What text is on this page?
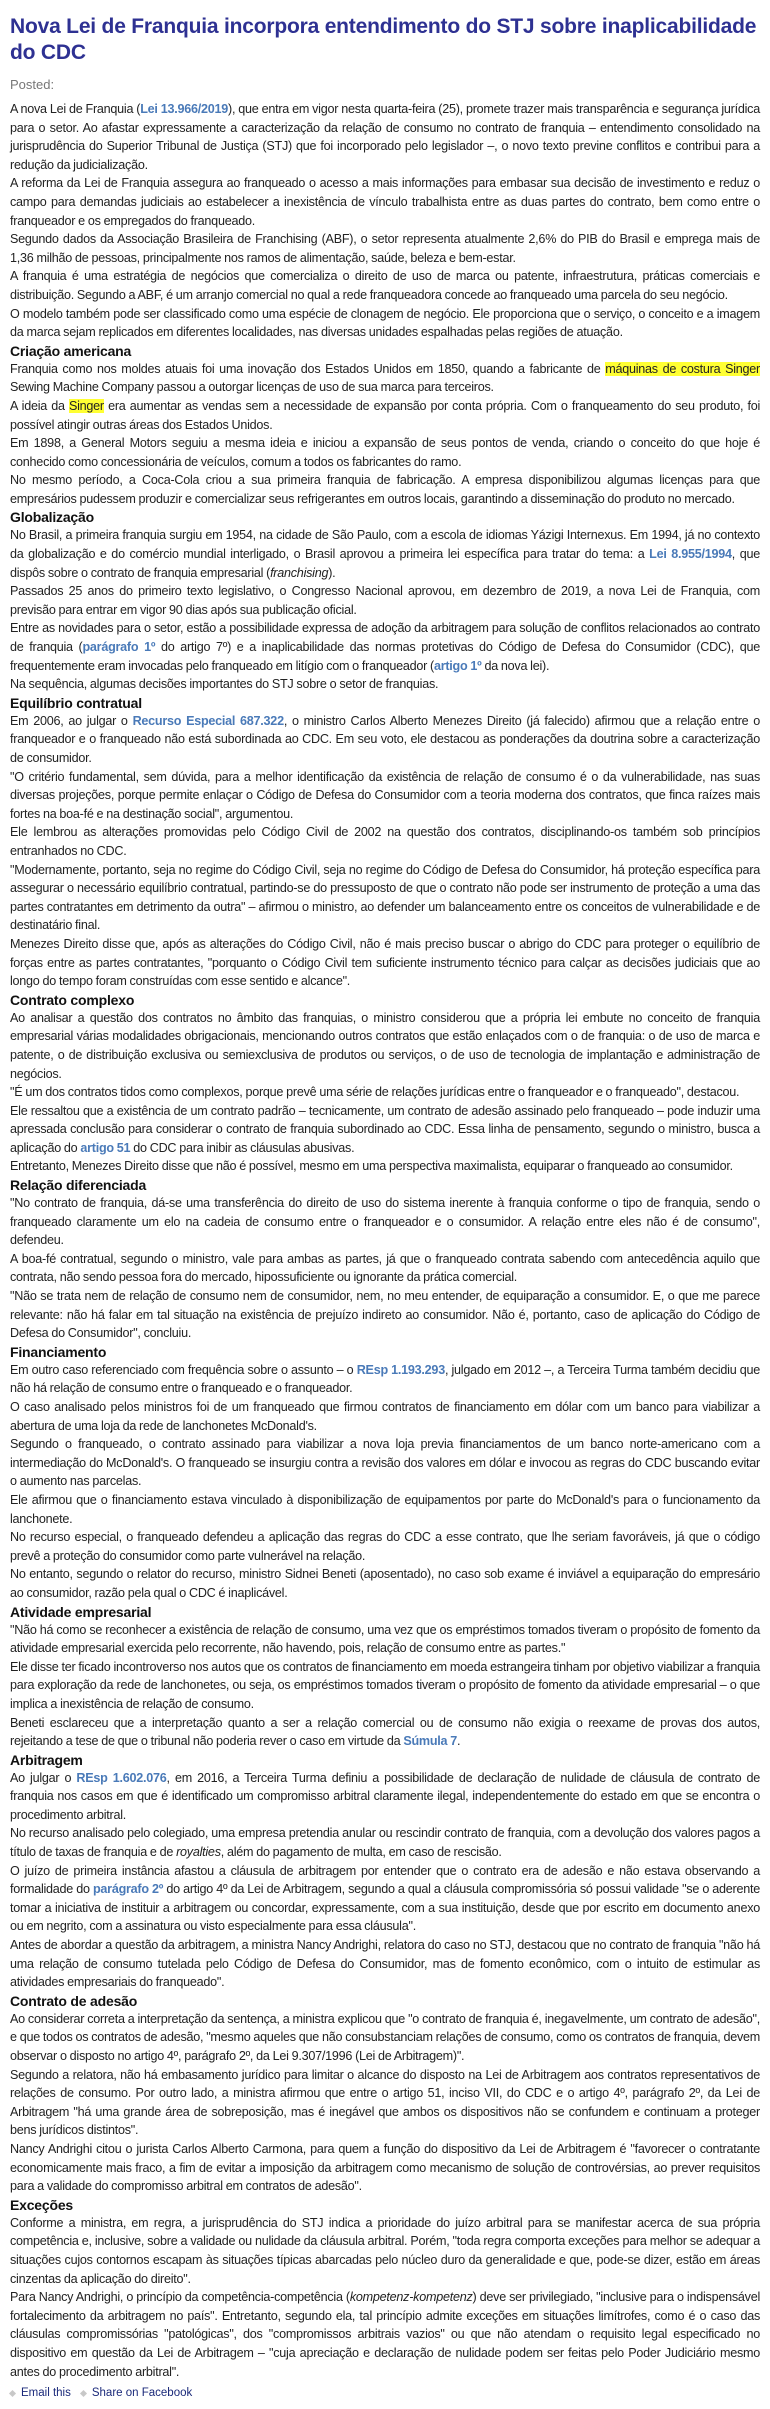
Nova Lei de Franquia incorpora entendimento do STJ sobre inaplicabilidade do CDC
Posted:

A nova Lei de Franquia (Lei 13.966/2019), que entra em vigor nesta quarta-feira (25), promete trazer mais transparência e segurança jurídica para o setor. Ao afastar expressamente a caracterização da relação de consumo no contrato de franquia – entendimento consolidado na jurisprudência do Superior Tribunal de Justiça (STJ) que foi incorporado pelo legislador –, o novo texto previne conflitos e contribui para a redução da judicialização.

A reforma da Lei de Franquia assegura ao franqueado o acesso a mais informações para embasar sua decisão de investimento e reduz o campo para demandas judiciais ao estabelecer a inexistência de vínculo trabalhista entre as duas partes do contrato, bem como entre o franqueador e os empregados do franqueado.

Segundo dados da Associação Brasileira de Franchising (ABF), o setor representa atualmente 2,6% do PIB do Brasil e emprega mais de 1,36 milhão de pessoas, principalmente nos ramos de alimentação, saúde, beleza e bem-estar.

A franquia é uma estratégia de negócios que comercializa o direito de uso de marca ou patente, infraestrutura, práticas comerciais e distribuição. Segundo a ABF, é um arranjo comercial no qual a rede franqueadora concede ao franqueado uma parcela do seu negócio.

O modelo também pode ser classificado como uma espécie de clonagem de negócio. Ele proporciona que o serviço, o conceito e a imagem da marca sejam replicados em diferentes localidades, nas diversas unidades espalhadas pelas regiões de atuação.

Criação americana

Franquia como nos moldes atuais foi uma inovação dos Estados Unidos em 1850, quando a fabricante de máquinas de costura Singer Sewing Machine Company passou a outorgar licenças de uso de sua marca para terceiros.

A ideia da Singer era aumentar as vendas sem a necessidade de expansão por conta própria. Com o franqueamento do seu produto, foi possível atingir outras áreas dos Estados Unidos.

Em 1898, a General Motors seguiu a mesma ideia e iniciou a expansão de seus pontos de venda, criando o conceito do que hoje é conhecido como concessionária de veículos, comum a todos os fabricantes do ramo.

No mesmo período, a Coca-Cola criou a sua primeira franquia de fabricação. A empresa disponibilizou algumas licenças para que empresários pudessem produzir e comercializar seus refrigerantes em outros locais, garantindo a disseminação do produto no mercado.

Globalização

No Brasil, a primeira franquia surgiu em 1954, na cidade de São Paulo, com a escola de idiomas Yázigi Internexus. Em 1994, já no contexto da globalização e do comércio mundial interligado, o Brasil aprovou a primeira lei específica para tratar do tema: a Lei 8.955/1994, que dispôs sobre o contrato de franquia empresarial (franchising).

Passados 25 anos do primeiro texto legislativo, o Congresso Nacional aprovou, em dezembro de 2019, a nova Lei de Franquia, com previsão para entrar em vigor 90 dias após sua publicação oficial.

Entre as novidades para o setor, estão a possibilidade expressa de adoção da arbitragem para solução de conflitos relacionados ao contrato de franquia (parágrafo 1º do artigo 7º) e a inaplicabilidade das normas protetivas do Código de Defesa do Consumidor (CDC), que frequentemente eram invocadas pelo franqueado em litígio com o franqueador (artigo 1º da nova lei).

Na sequência, algumas decisões importantes do STJ sobre o setor de franquias.

Equilíbrio contratual

Em 2006, ao julgar o Recurso Especial 687.322, o ministro Carlos Alberto Menezes Direito (já falecido) afirmou que a relação entre o franqueador e o franqueado não está subordinada ao CDC. Em seu voto, ele destacou as ponderações da doutrina sobre a caracterização de consumidor.

"O critério fundamental, sem dúvida, para a melhor identificação da existência de relação de consumo é o da vulnerabilidade, nas suas diversas projeções, porque permite enlaçar o Código de Defesa do Consumidor com a teoria moderna dos contratos, que finca raízes mais fortes na boa-fé e na destinação social", argumentou.

Ele lembrou as alterações promovidas pelo Código Civil de 2002 na questão dos contratos, disciplinando-os também sob princípios entranhados no CDC.

"Modernamente, portanto, seja no regime do Código Civil, seja no regime do Código de Defesa do Consumidor, há proteção específica para assegurar o necessário equilíbrio contratual, partindo-se do pressuposto de que o contrato não pode ser instrumento de proteção a uma das partes contratantes em detrimento da outra" – afirmou o ministro, ao defender um balanceamento entre os conceitos de vulnerabilidade e de destinatário final.

Menezes Direito disse que, após as alterações do Código Civil, não é mais preciso buscar o abrigo do CDC para proteger o equilíbrio de forças entre as partes contratantes, "porquanto o Código Civil tem suficiente instrumento técnico para calçar as decisões judiciais que ao longo do tempo foram construídas com esse sentido e alcance".

Contrato complexo

Ao analisar a questão dos contratos no âmbito das franquias, o ministro considerou que a própria lei embute no conceito de franquia empresarial várias modalidades obrigacionais, mencionando outros contratos que estão enlaçados com o de franquia: o de uso de marca e patente, o de distribuição exclusiva ou semiexclusiva de produtos ou serviços, o de uso de tecnologia de implantação e administração de negócios.

"É um dos contratos tidos como complexos, porque prevê uma série de relações jurídicas entre o franqueador e o franqueado", destacou.

Ele ressaltou que a existência de um contrato padrão – tecnicamente, um contrato de adesão assinado pelo franqueado – pode induzir uma apressada conclusão para considerar o contrato de franquia subordinado ao CDC. Essa linha de pensamento, segundo o ministro, busca a aplicação do artigo 51 do CDC para inibir as cláusulas abusivas.

Entretanto, Menezes Direito disse que não é possível, mesmo em uma perspectiva maximalista, equiparar o franqueado ao consumidor.

Relação diferenciada

"No contrato de franquia, dá-se uma transferência do direito de uso do sistema inerente à franquia conforme o tipo de franquia, sendo o franqueado claramente um elo na cadeia de consumo entre o franqueador e o consumidor. A relação entre eles não é de consumo", defendeu.

A boa-fé contratual, segundo o ministro, vale para ambas as partes, já que o franqueado contrata sabendo com antecedência aquilo que contrata, não sendo pessoa fora do mercado, hipossuficiente ou ignorante da prática comercial.

"Não se trata nem de relação de consumo nem de consumidor, nem, no meu entender, de equiparação a consumidor. E, o que me parece relevante: não há falar em tal situação na existência de prejuízo indireto ao consumidor. Não é, portanto, caso de aplicação do Código de Defesa do Consumidor", concluiu.

Financiamento

Em outro caso referenciado com frequência sobre o assunto – o REsp 1.193.293, julgado em 2012 –, a Terceira Turma também decidiu que não há relação de consumo entre o franqueado e o franqueador.

O caso analisado pelos ministros foi de um franqueado que firmou contratos de financiamento em dólar com um banco para viabilizar a abertura de uma loja da rede de lanchonetes McDonald's.

Segundo o franqueado, o contrato assinado para viabilizar a nova loja previa financiamentos de um banco norte-americano com a intermediação do McDonald's. O franqueado se insurgiu contra a revisão dos valores em dólar e invocou as regras do CDC buscando evitar o aumento nas parcelas.

Ele afirmou que o financiamento estava vinculado à disponibilização de equipamentos por parte do McDonald's para o funcionamento da lanchonete.

No recurso especial, o franqueado defendeu a aplicação das regras do CDC a esse contrato, que lhe seriam favoráveis, já que o código prevê a proteção do consumidor como parte vulnerável na relação.

No entanto, segundo o relator do recurso, ministro Sidnei Beneti (aposentado), no caso sob exame é inviável a equiparação do empresário ao consumidor, razão pela qual o CDC é inaplicável.

Atividade empresarial

"Não há como se reconhecer a existência de relação de consumo, uma vez que os empréstimos tomados tiveram o propósito de fomento da atividade empresarial exercida pelo recorrente, não havendo, pois, relação de consumo entre as partes."

Ele disse ter ficado incontroverso nos autos que os contratos de financiamento em moeda estrangeira tinham por objetivo viabilizar a franquia para exploração da rede de lanchonetes, ou seja, os empréstimos tomados tiveram o propósito de fomento da atividade empresarial – o que implica a inexistência de relação de consumo.

Beneti esclareceu que a interpretação quanto a ser a relação comercial ou de consumo não exigia o reexame de provas dos autos, rejeitando a tese de que o tribunal não poderia rever o caso em virtude da Súmula 7.

Arbitragem

Ao julgar o REsp 1.602.076, em 2016, a Terceira Turma definiu a possibilidade de declaração de nulidade de cláusula de contrato de franquia nos casos em que é identificado um compromisso arbitral claramente ilegal, independentemente do estado em que se encontra o procedimento arbitral.

No recurso analisado pelo colegiado, uma empresa pretendia anular ou rescindir contrato de franquia, com a devolução dos valores pagos a título de taxas de franquia e de royalties, além do pagamento de multa, em caso de rescisão.

O juízo de primeira instância afastou a cláusula de arbitragem por entender que o contrato era de adesão e não estava observando a formalidade do parágrafo 2º do artigo 4º da Lei de Arbitragem, segundo a qual a cláusula compromissória só possui validade "se o aderente tomar a iniciativa de instituir a arbitragem ou concordar, expressamente, com a sua instituição, desde que por escrito em documento anexo ou em negrito, com a assinatura ou visto especialmente para essa cláusula".

Antes de abordar a questão da arbitragem, a ministra Nancy Andrighi, relatora do caso no STJ, destacou que no contrato de franquia "não há uma relação de consumo tutelada pelo Código de Defesa do Consumidor, mas de fomento econômico, com o intuito de estimular as atividades empresariais do franqueado".

Contrato de adesão

Ao considerar correta a interpretação da sentença, a ministra explicou que "o contrato de franquia é, inegavelmente, um contrato de adesão", e que todos os contratos de adesão, "mesmo aqueles que não consubstanciam relações de consumo, como os contratos de franquia, devem observar o disposto no artigo 4º, parágrafo 2º, da Lei 9.307/1996 (Lei de Arbitragem)".

Segundo a relatora, não há embasamento jurídico para limitar o alcance do disposto na Lei de Arbitragem aos contratos representativos de relações de consumo. Por outro lado, a ministra afirmou que entre o artigo 51, inciso VII, do CDC e o artigo 4º, parágrafo 2º, da Lei de Arbitragem "há uma grande área de sobreposição, mas é inegável que ambos os dispositivos não se confundem e continuam a proteger bens jurídicos distintos".

Nancy Andrighi citou o jurista Carlos Alberto Carmona, para quem a função do dispositivo da Lei de Arbitragem é "favorecer o contratante economicamente mais fraco, a fim de evitar a imposição da arbitragem como mecanismo de solução de controvérsias, ao prever requisitos para a validade do compromisso arbitral em contratos de adesão".

Exceções

Conforme a ministra, em regra, a jurisprudência do STJ indica a prioridade do juízo arbitral para se manifestar acerca de sua própria competência e, inclusive, sobre a validade ou nulidade da cláusula arbitral. Porém, "toda regra comporta exceções para melhor se adequar a situações cujos contornos escapam às situações típicas abarcadas pelo núcleo duro da generalidade e que, pode-se dizer, estão em áreas cinzentas da aplicação do direito".

Para Nancy Andrighi, o princípio da competência-competência (kompetenz-kompetenz) deve ser privilegiado, "inclusive para o indispensável fortalecimento da arbitragem no país". Entretanto, segundo ela, tal princípio admite exceções em situações limítrofes, como é o caso das cláusulas compromissórias "patológicas", dos "compromissos arbitrais vazios" ou que não atendam o requisito legal especificado no dispositivo em questão da Lei de Arbitragem – "cuja apreciação e declaração de nulidade podem ser feitas pelo Poder Judiciário mesmo antes do procedimento arbitral".

Email this Share on Facebook
